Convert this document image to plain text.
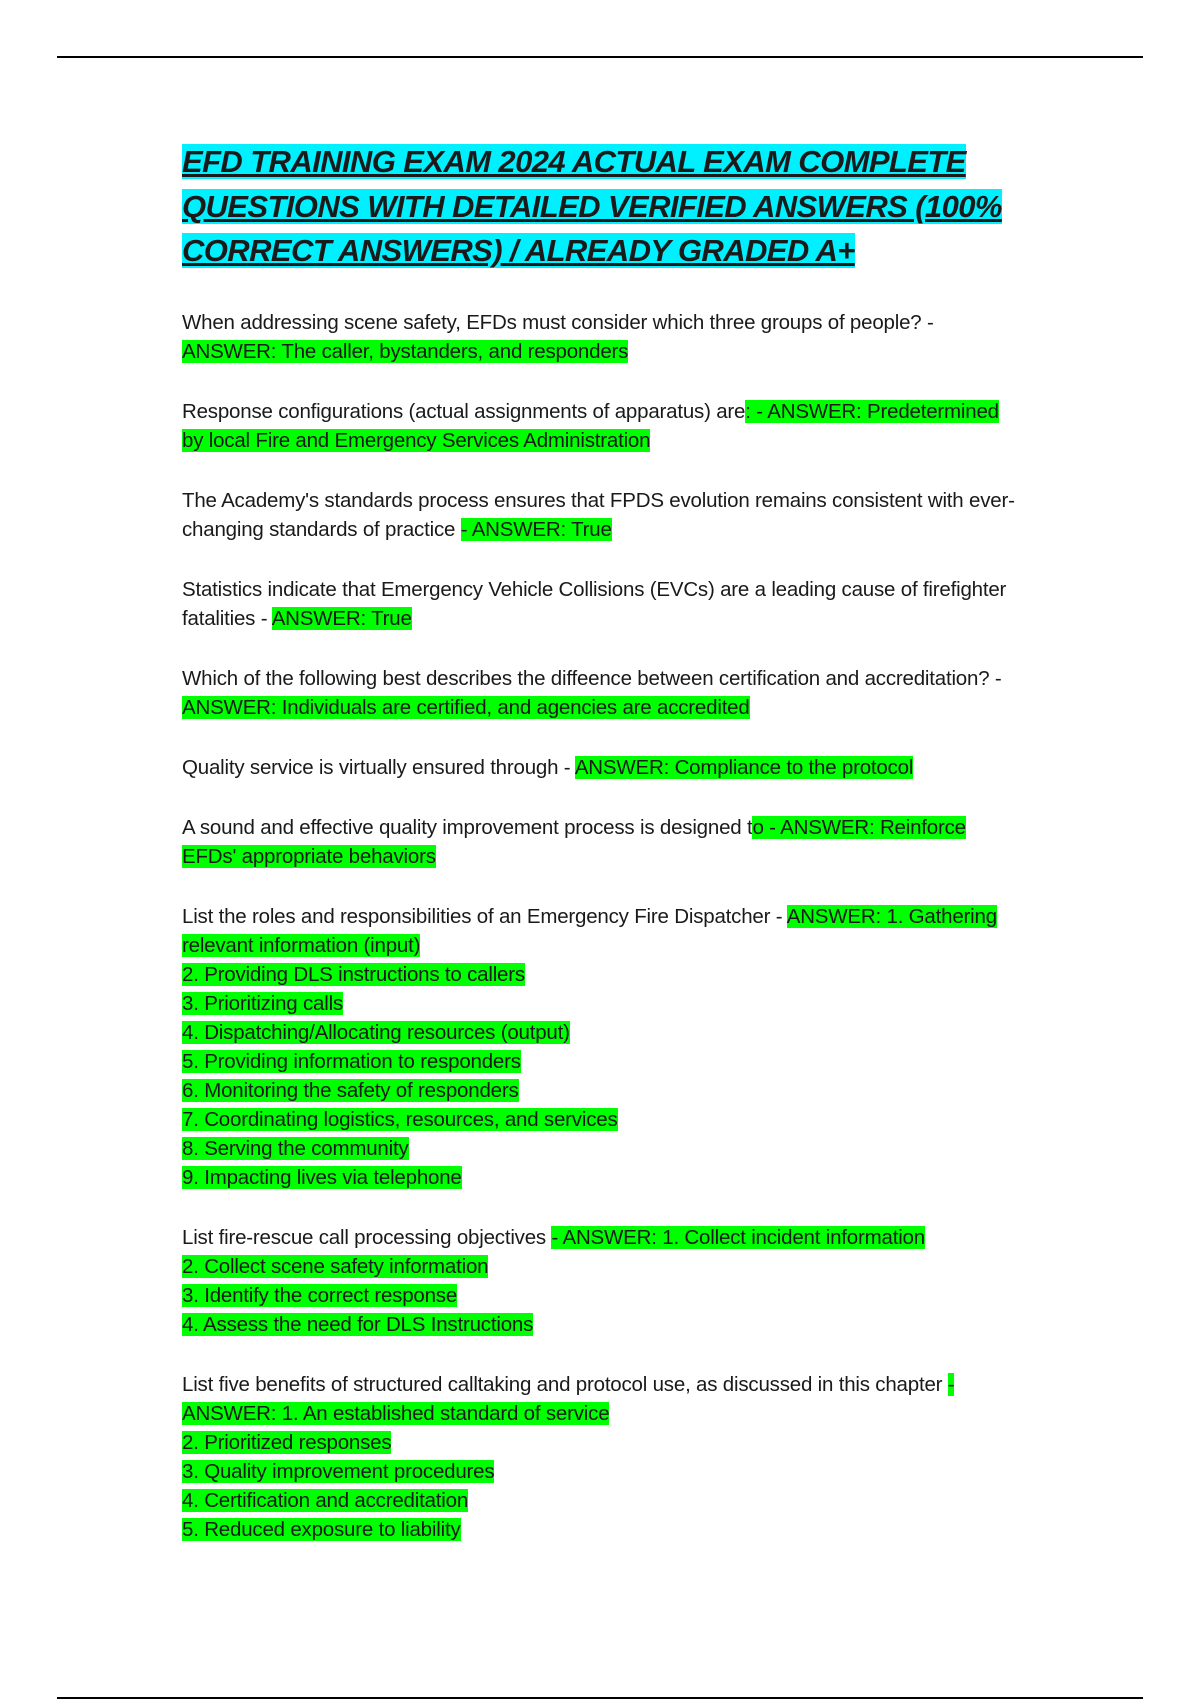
EFD TRAINING EXAM 2024 ACTUAL EXAM COMPLETE
QUESTIONS WITH DETAILED VERIFIED ANSWERS (100%
CORRECT ANSWERS) / ALREADY GRADED A+

When addressing scene safety, EFDs must consider which three groups of people? -
ANSWER: The caller, bystanders, and responders

Response configurations (actual assignments of apparatus) are: - ANSWER: Predetermined by local Fire and Emergency Services Administration

The Academy's standards process ensures that FPDS evolution remains consistent with ever-changing standards of practice - ANSWER: True

Statistics indicate that Emergency Vehicle Collisions (EVCs) are a leading cause of firefighter fatalities - ANSWER: True

Which of the following best describes the diffeence between certification and accreditation? - ANSWER: Individuals are certified, and agencies are accredited

Quality service is virtually ensured through - ANSWER: Compliance to the protocol

A sound and effective quality improvement process is designed to - ANSWER: Reinforce EFDs' appropriate behaviors

List the roles and responsibilities of an Emergency Fire Dispatcher - ANSWER: 1. Gathering relevant information (input)
2. Providing DLS instructions to callers
3. Prioritizing calls
4. Dispatching/Allocating resources (output)
5. Providing information to responders
6. Monitoring the safety of responders
7. Coordinating logistics, resources, and services
8. Serving the community
9. Impacting lives via telephone

List fire-rescue call processing objectives - ANSWER: 1. Collect incident information
2. Collect scene safety information
3. Identify the correct response
4. Assess the need for DLS Instructions

List five benefits of structured calltaking and protocol use, as discussed in this chapter - ANSWER: 1. An established standard of service
2. Prioritized responses
3. Quality improvement procedures
4. Certification and accreditation
5. Reduced exposure to liability
